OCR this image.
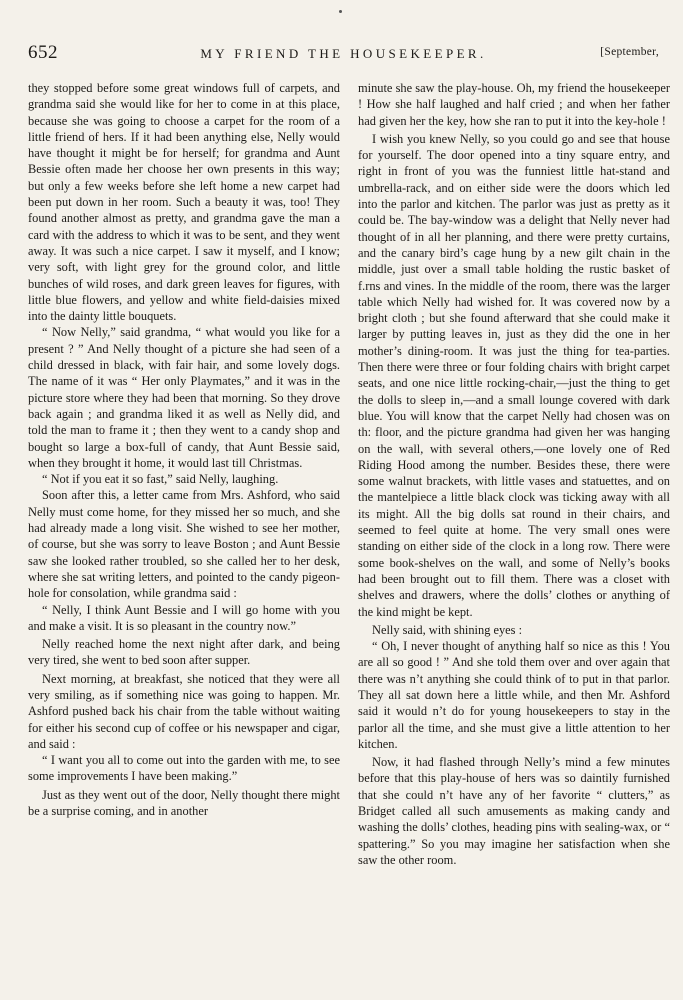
652	MY FRIEND THE HOUSEKEEPER.	[September,

they stopped before some great windows full of carpets, and grandma said she would like for her to come in at this place, because she was going to choose a carpet for the room of a little friend of hers. If it had been anything else, Nelly would have thought it might be for herself; for grandma and Aunt Bessie often made her choose her own presents in this way; but only a few weeks before she left home a new carpet had been put down in her room. Such a beauty it was, too! They found another almost as pretty, and grandma gave the man a card with the address to which it was to be sent, and they went away. It was such a nice carpet. I saw it myself, and I know; very soft, with light grey for the ground color, and little bunches of wild roses, and dark green leaves for figures, with little blue flowers, and yellow and white field-daisies mixed into the dainty little bouquets.

“ Now Nelly,” said grandma, “ what would you like for a present ? ” And Nelly thought of a picture she had seen of a child dressed in black, with fair hair, and some lovely dogs. The name of it was “ Her only Playmates,” and it was in the picture store where they had been that morning. So they drove back again ; and grandma liked it as well as Nelly did, and told the man to frame it ; then they went to a candy shop and bought so large a box-full of candy, that Aunt Bessie said, when they brought it home, it would last till Christmas.

“ Not if you eat it so fast,” said Nelly, laughing.

Soon after this, a letter came from Mrs. Ashford, who said Nelly must come home, for they missed her so much, and she had already made a long visit. She wished to see her mother, of course, but she was sorry to leave Boston ; and Aunt Bessie saw she looked rather troubled, so she called her to her desk, where she sat writing letters, and pointed to the candy pigeon-hole for consolation, while grandma said :

“ Nelly, I think Aunt Bessie and I will go home with you and make a visit. It is so pleasant in the country now.”

Nelly reached home the next night after dark, and being very tired, she went to bed soon after supper.

Next morning, at breakfast, she noticed that they were all very smiling, as if something nice was going to happen. Mr. Ashford pushed back his chair from the table without waiting for either his second cup of coffee or his newspaper and cigar, and said :

“ I want you all to come out into the garden with me, to see some improvements I have been making.”

Just as they went out of the door, Nelly thought there might be a surprise coming, and in another

minute she saw the play-house. Oh, my friend the housekeeper ! How she half laughed and half cried ; and when her father had given her the key, how she ran to put it into the key-hole !

I wish you knew Nelly, so you could go and see that house for yourself. The door opened into a tiny square entry, and right in front of you was the funniest little hat-stand and umbrella-rack, and on either side were the doors which led into the parlor and kitchen. The parlor was just as pretty as it could be. The bay-window was a delight that Nelly never had thought of in all her planning, and there were pretty curtains, and the canary bird’s cage hung by a new gilt chain in the middle, just over a small table holding the rustic basket of f.rns and vines. In the middle of the room, there was the larger table which Nelly had wished for. It was covered now by a bright cloth ; but she found afterward that she could make it larger by putting leaves in, just as they did the one in her mother’s dining-room. It was just the thing for tea-parties. Then there were three or four folding chairs with bright carpet seats, and one nice little rocking-chair,—just the thing to get the dolls to sleep in,—and a small lounge covered with dark blue. You will know that the carpet Nelly had chosen was on th: floor, and the picture grandma had given her was hanging on the wall, with several others,—one lovely one of Red Riding Hood among the number. Besides these, there were some walnut brackets, with little vases and statuettes, and on the mantelpiece a little black clock was ticking away with all its might. All the big dolls sat round in their chairs, and seemed to feel quite at home. The very small ones were standing on either side of the clock in a long row. There were some book-shelves on the wall, and some of Nelly’s books had been brought out to fill them. There was a closet with shelves and drawers, where the dolls’ clothes or anything of the kind might be kept.

Nelly said, with shining eyes :

“ Oh, I never thought of anything half so nice as this ! You are all so good ! ” And she told them over and over again that there was n’t anything she could think of to put in that parlor. They all sat down here a little while, and then Mr. Ashford said it would n’t do for young housekeepers to stay in the parlor all the time, and she must give a little attention to her kitchen.

Now, it had flashed through Nelly’s mind a few minutes before that this play-house of hers was so daintily furnished that she could n’t have any of her favorite “ clutters,” as Bridget called all such amusements as making candy and washing the dolls’ clothes, heading pins with sealing-wax, or “ spattering.” So you may imagine her satisfaction when she saw the other room.
